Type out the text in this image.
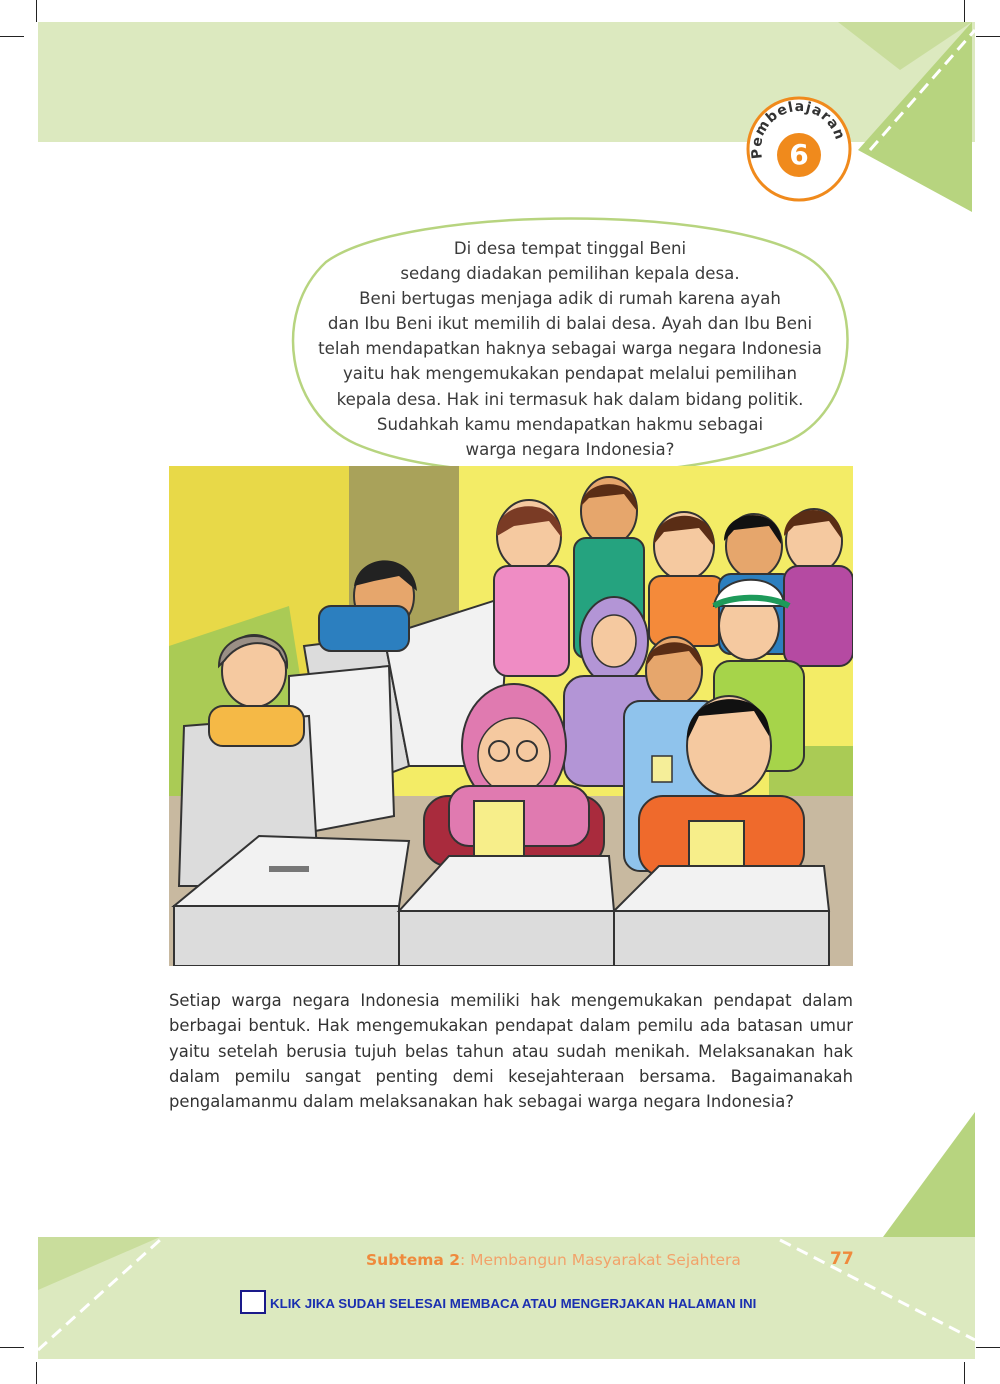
Pembelajaran
6
Di desa tempat tinggal Beni
sedang diadakan pemilihan kepala desa.
Beni bertugas menjaga adik di rumah karena ayah
dan Ibu Beni ikut memilih di balai desa. Ayah dan Ibu Beni
telah mendapatkan haknya sebagai warga negara Indonesia
yaitu hak mengemukakan pendapat melalui pemilihan
kepala desa. Hak ini termasuk hak dalam bidang politik.
Sudahkah kamu mendapatkan hakmu sebagai
warga negara Indonesia?
Setiap warga negara Indonesia memiliki hak mengemukakan pendapat dalam berbagai bentuk. Hak mengemukakan pendapat dalam pemilu ada batasan umur yaitu setelah berusia tujuh belas tahun atau sudah menikah. Melaksanakan hak dalam pemilu sangat penting demi kesejahteraan bersama. Bagaimanakah pengalamanmu dalam melaksanakan hak sebagai warga negara Indonesia?
Subtema 2: Membangun Masyarakat Sejahtera	77
KLIK JIKA SUDAH SELESAI MEMBACA ATAU MENGERJAKAN HALAMAN INI
